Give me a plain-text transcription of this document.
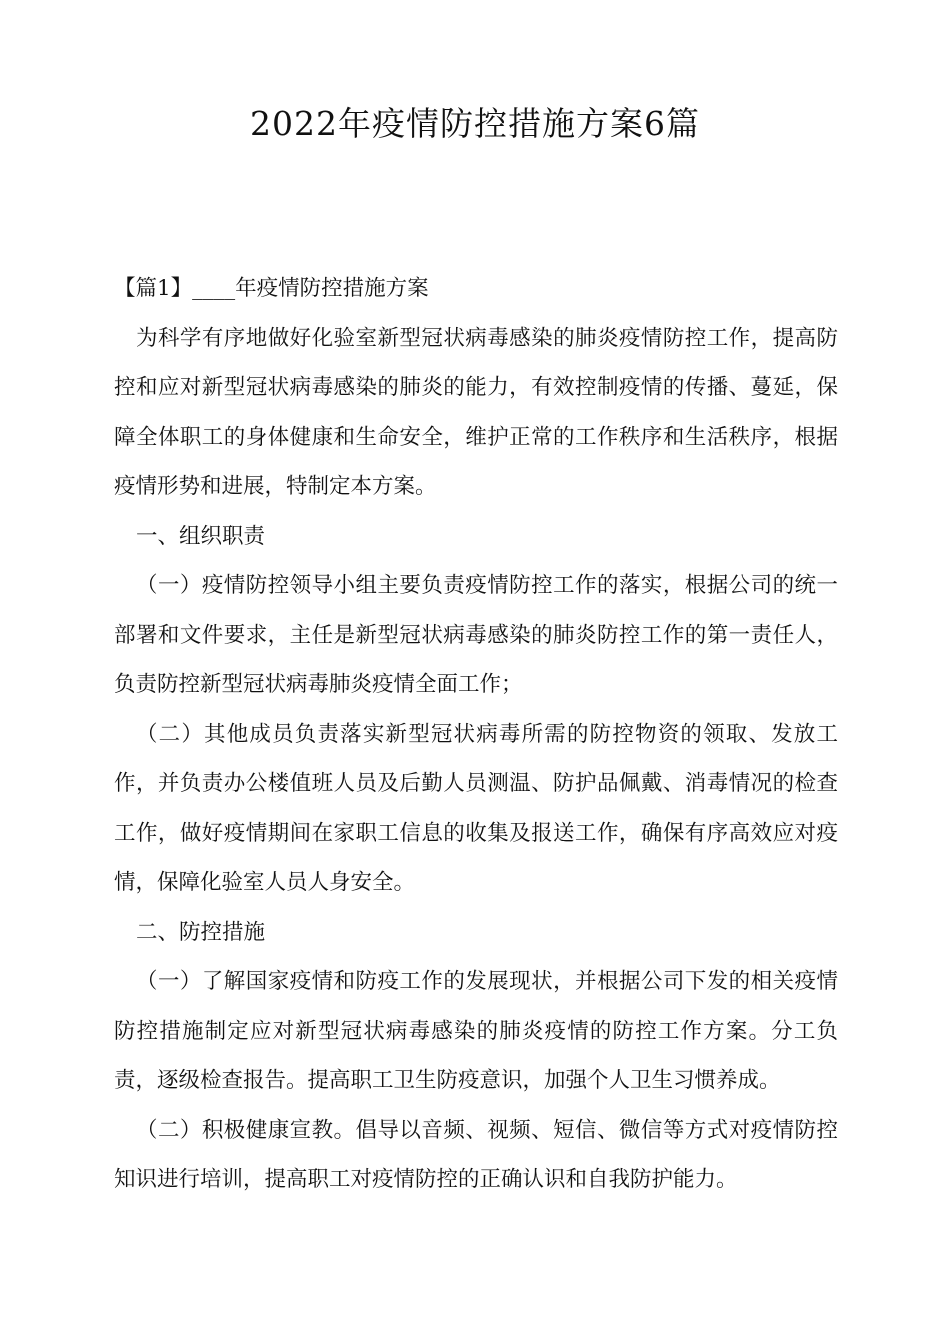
2022年疫情防控措施方案6篇

【篇1】____年疫情防控措施方案

为科学有序地做好化验室新型冠状病毒感染的肺炎疫情防控工作，提高防控和应对新型冠状病毒感染的肺炎的能力，有效控制疫情的传播、蔓延，保障全体职工的身体健康和生命安全，维护正常的工作秩序和生活秩序，根据疫情形势和进展，特制定本方案。

一、组织职责

（一）疫情防控领导小组主要负责疫情防控工作的落实，根据公司的统一部署和文件要求，主任是新型冠状病毒感染的肺炎防控工作的第一责任人，负责防控新型冠状病毒肺炎疫情全面工作；

（二）其他成员负责落实新型冠状病毒所需的防控物资的领取、发放工作，并负责办公楼值班人员及后勤人员测温、防护品佩戴、消毒情况的检查工作，做好疫情期间在家职工信息的收集及报送工作，确保有序高效应对疫情，保障化验室人员人身安全。

二、防控措施

（一）了解国家疫情和防疫工作的发展现状，并根据公司下发的相关疫情防控措施制定应对新型冠状病毒感染的肺炎疫情的防控工作方案。分工负责，逐级检查报告。提高职工卫生防疫意识，加强个人卫生习惯养成。

（二）积极健康宣教。倡导以音频、视频、短信、微信等方式对疫情防控知识进行培训，提高职工对疫情防控的正确认识和自我防护能力。
